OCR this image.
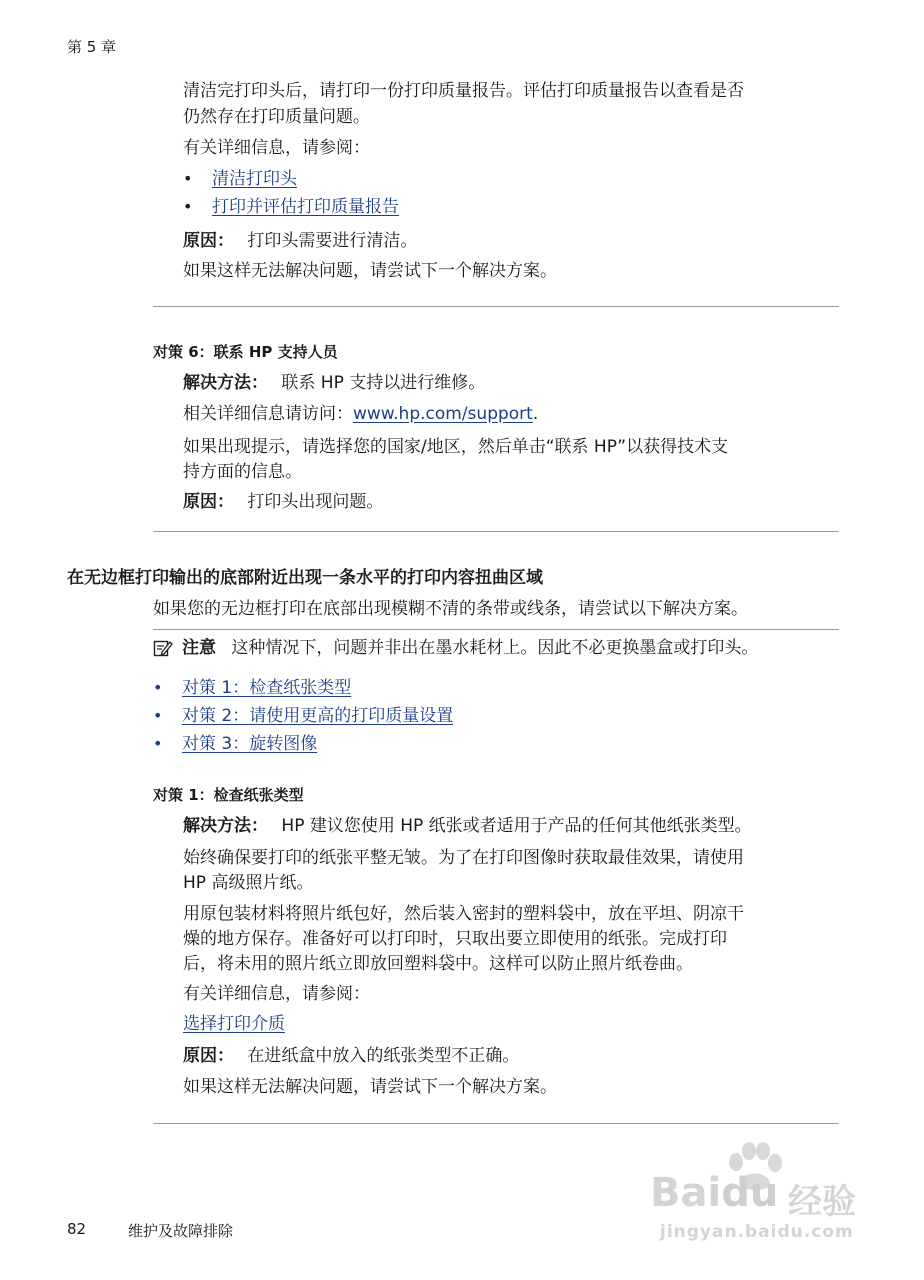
第 5 章

清洁完打印头后，请打印一份打印质量报告。评估打印质量报告以查看是否

仍然存在打印质量问题。

有关详细信息，请参阅：

• 清洁打印头
• 打印并评估打印质量报告

原因： 打印头需要进行清洁。

如果这样无法解决问题，请尝试下一个解决方案。

对策 6：联系 HP 支持人员

解决方法： 联系 HP 支持以进行维修。

相关详细信息请访问：www.hp.com/support.

如果出现提示，请选择您的国家/地区，然后单击“联系 HP”以获得技术支

持方面的信息。

原因： 打印头出现问题。

在无边框打印输出的底部附近出现一条水平的打印内容扭曲区域

如果您的无边框打印在底部出现模糊不清的条带或线条，请尝试以下解决方案。

注意 这种情况下，问题并非出在墨水耗材上。因此不必更换墨盒或打印头。

• 对策 1：检查纸张类型
• 对策 2：请使用更高的打印质量设置
• 对策 3：旋转图像
对策 1：检查纸张类型

解决方法： HP 建议您使用 HP 纸张或者适用于产品的任何其他纸张类型。

始终确保要打印的纸张平整无皱。为了在打印图像时获取最佳效果，请使用

HP 高级照片纸。

用原包装材料将照片纸包好，然后装入密封的塑料袋中，放在平坦、阴凉干

燥的地方保存。准备好可以打印时，只取出要立即使用的纸张。完成打印

后，将未用的照片纸立即放回塑料袋中。这样可以防止照片纸卷曲。

有关详细信息，请参阅：

选择打印介质

原因： 在进纸盒中放入的纸张类型不正确。

如果这样无法解决问题，请尝试下一个解决方案。

Baidu 经验
jingyan.baidu.com
82	维护及故障排除
